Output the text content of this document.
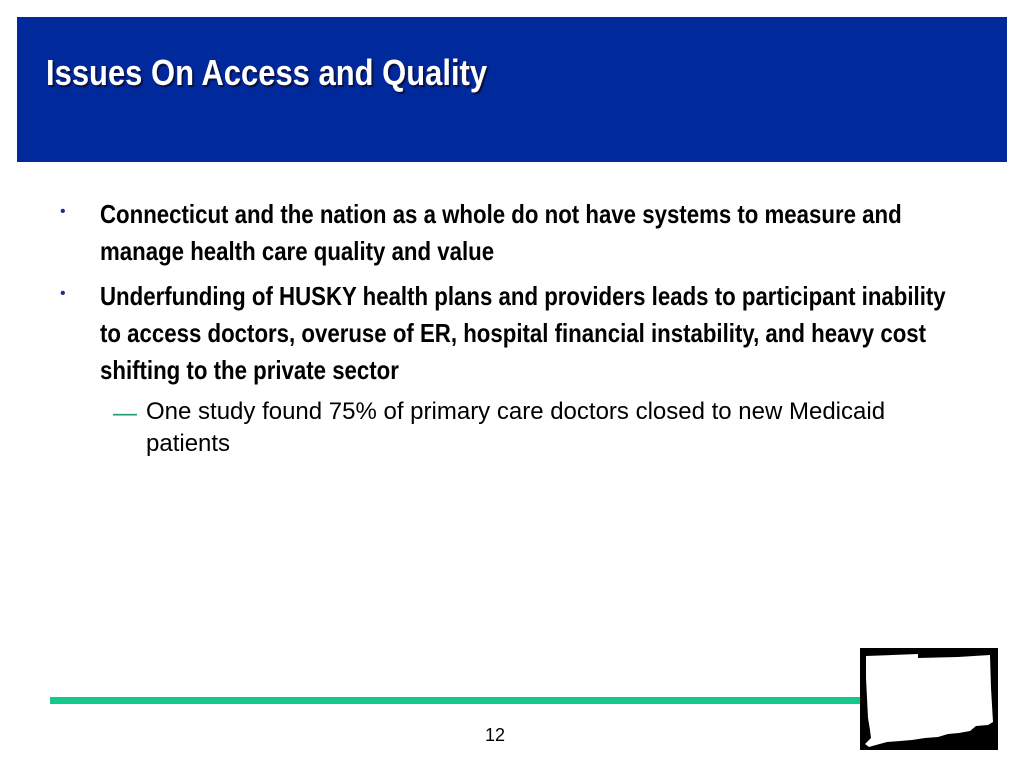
Issues On Access and Quality
• Connecticut and the nation as a whole do not have systems to measure and manage health care quality and value
• Underfunding of HUSKY health plans and providers leads to participant inability to access doctors, overuse of ER, hospital financial instability, and heavy cost shifting to the private sector
— One study found 75% of primary care doctors closed to new Medicaid patients
12
